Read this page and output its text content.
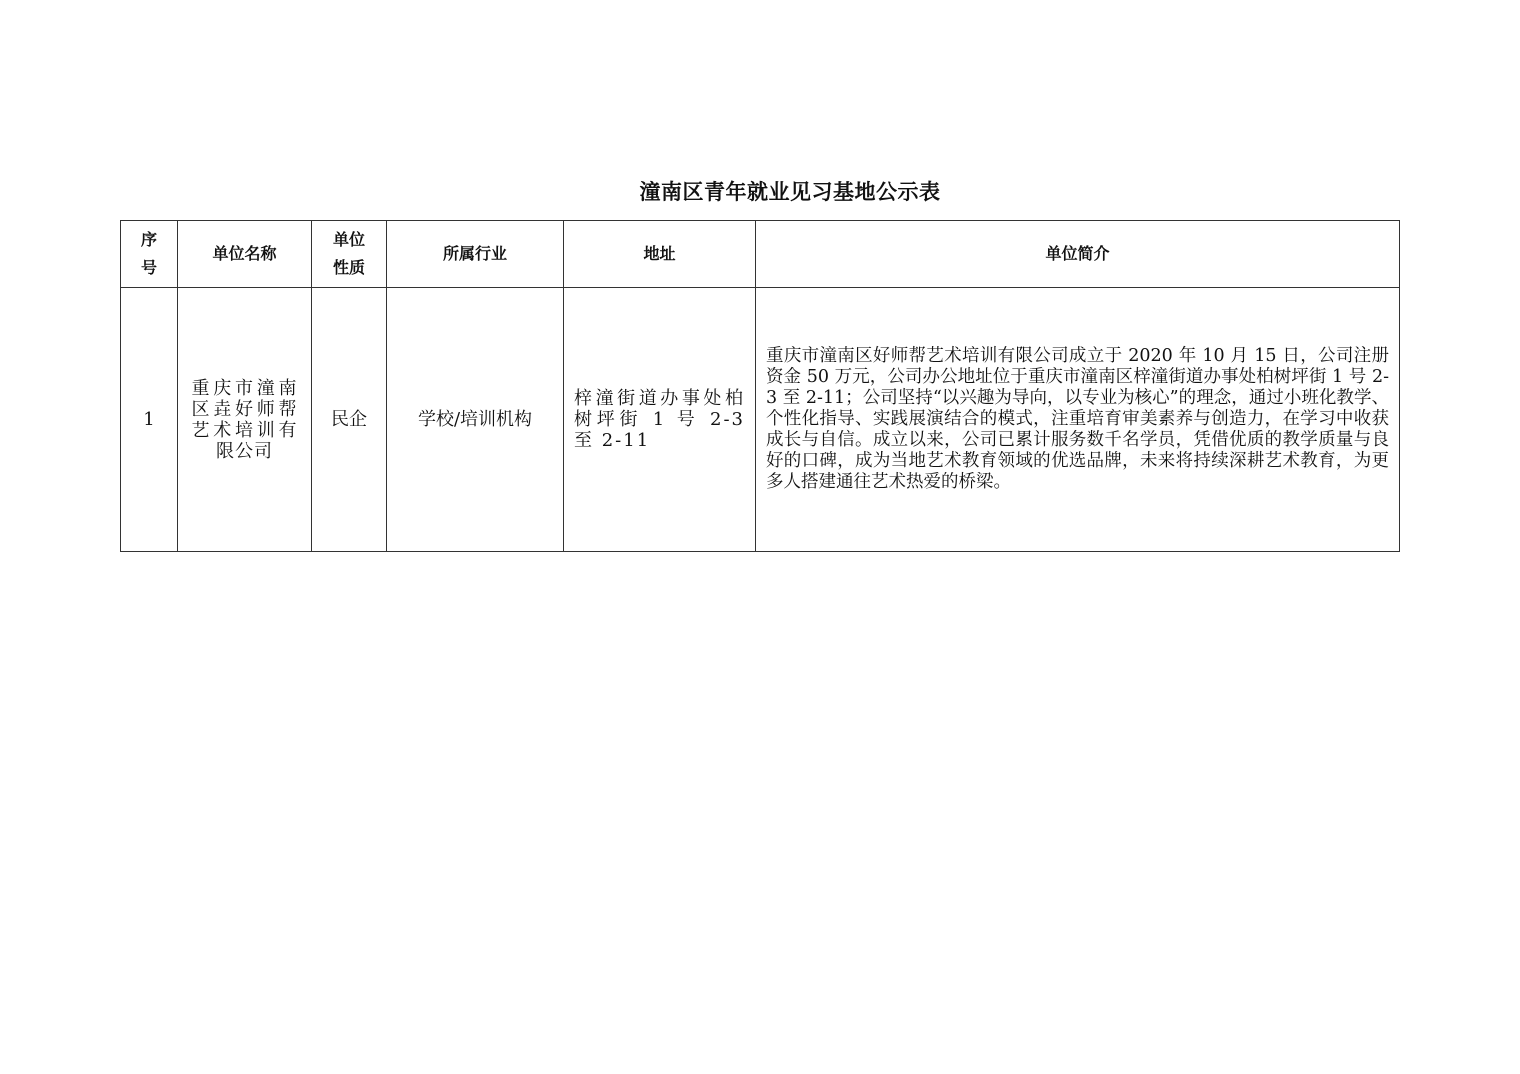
潼南区青年就业见习基地公示表
序号	单位名称	单位性质	所属行业	地址	单位简介
1	重庆市潼南区垚好师帮艺术培训有限公司	民企	学校/培训机构	梓潼街道办事处柏树坪街 1 号 2-3 至 2-11	重庆市潼南区好师帮艺术培训有限公司成立于 2020 年 10 月 15 日，公司注册资金 50 万元，公司办公地址位于重庆市潼南区梓潼街道办事处柏树坪街 1 号 2-3 至 2-11；公司坚持“以兴趣为导向，以专业为核心”的理念，通过小班化教学、个性化指导、实践展演结合的模式，注重培育审美素养与创造力，在学习中收获成长与自信。成立以来，公司已累计服务数千名学员，凭借优质的教学质量与良好的口碑，成为当地艺术教育领域的优选品牌，未来将持续深耕艺术教育，为更多人搭建通往艺术热爱的桥梁。
